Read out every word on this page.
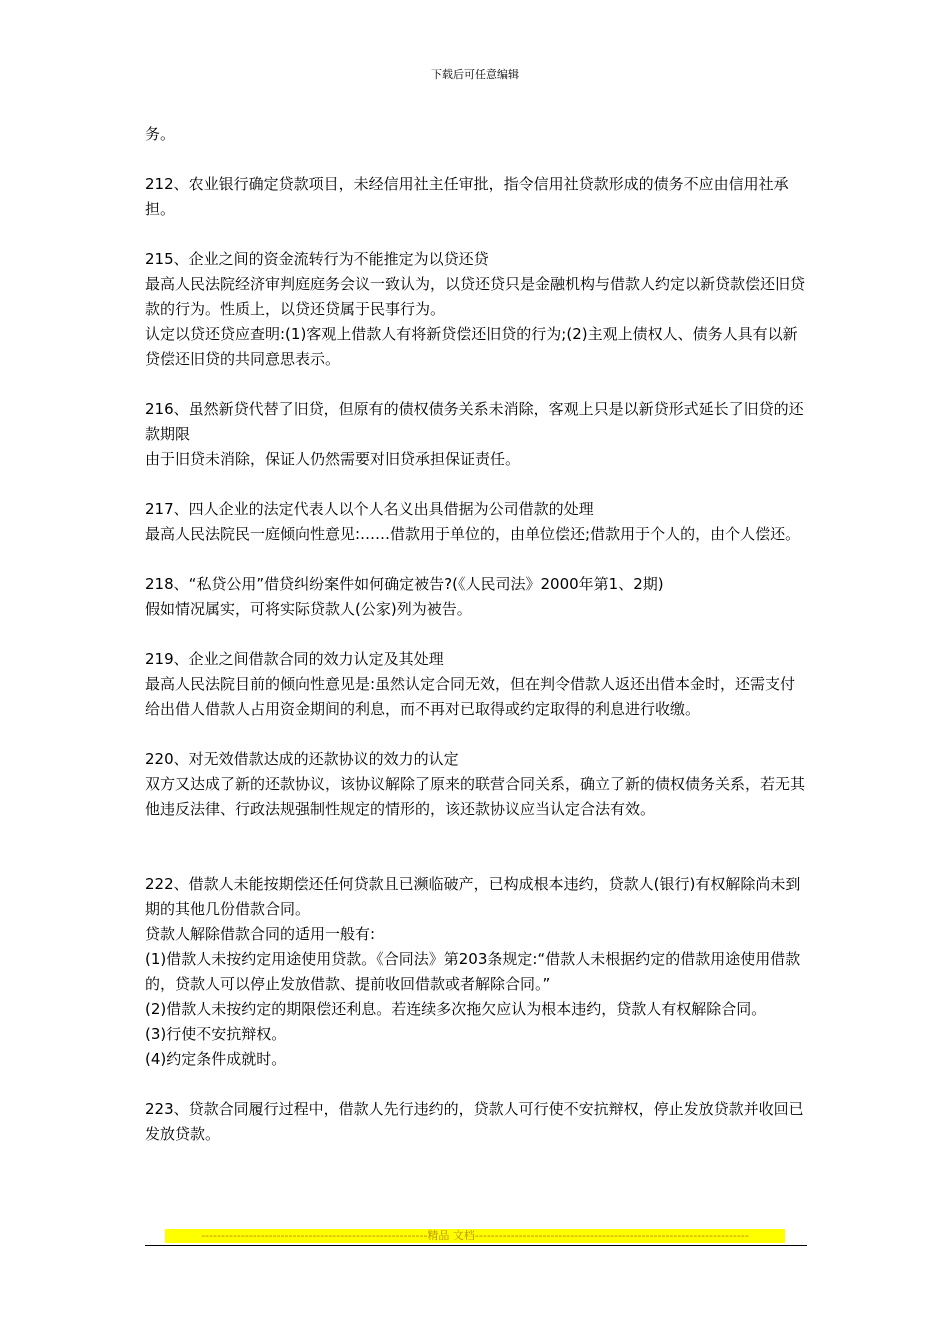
下载后可任意编辑

务。

212、农业银行确定贷款项目，未经信用社主任审批，指令信用社贷款形成的债务不应由信用社承担。

215、企业之间的资金流转行为不能推定为以贷还贷

最高人民法院经济审判庭庭务会议一致认为，以贷还贷只是金融机构与借款人约定以新贷款偿还旧贷款的行为。性质上，以贷还贷属于民事行为。

认定以贷还贷应查明:(1)客观上借款人有将新贷偿还旧贷的行为;(2)主观上债权人、债务人具有以新贷偿还旧贷的共同意思表示。

216、虽然新贷代替了旧贷，但原有的债权债务关系未消除，客观上只是以新贷形式延长了旧贷的还款期限

由于旧贷未消除，保证人仍然需要对旧贷承担保证责任。

217、四人企业的法定代表人以个人名义出具借据为公司借款的处理

最高人民法院民一庭倾向性意见:……借款用于单位的，由单位偿还;借款用于个人的，由个人偿还。

218、“私贷公用”借贷纠纷案件如何确定被告?(《人民司法》2000年第1、2期)

假如情况属实，可将实际贷款人(公家)列为被告。

219、企业之间借款合同的效力认定及其处理

最高人民法院目前的倾向性意见是:虽然认定合同无效，但在判令借款人返还出借本金时，还需支付给出借人借款人占用资金期间的利息，而不再对已取得或约定取得的利息进行收缴。

220、对无效借款达成的还款协议的效力的认定

双方又达成了新的还款协议，该协议解除了原来的联营合同关系，确立了新的债权债务关系，若无其他违反法律、行政法规强制性规定的情形的，该还款协议应当认定合法有效。

222、借款人未能按期偿还任何贷款且已濒临破产，已构成根本违约，贷款人(银行)有权解除尚未到期的其他几份借款合同。

贷款人解除借款合同的适用一般有:

(1)借款人未按约定用途使用贷款。《合同法》第203条规定:“借款人未根据约定的借款用途使用借款的，贷款人可以停止发放借款、提前收回借款或者解除合同。”

(2)借款人未按约定的期限偿还利息。若连续多次拖欠应认为根本违约，贷款人有权解除合同。

(3)行使不安抗辩权。

(4)约定条件成就时。

223、贷款合同履行过程中，借款人先行违约的，贷款人可行使不安抗辩权，停止发放贷款并收回已发放贷款。

---------------------------------------------------------精品 文档---------------------------------------------------------------------
